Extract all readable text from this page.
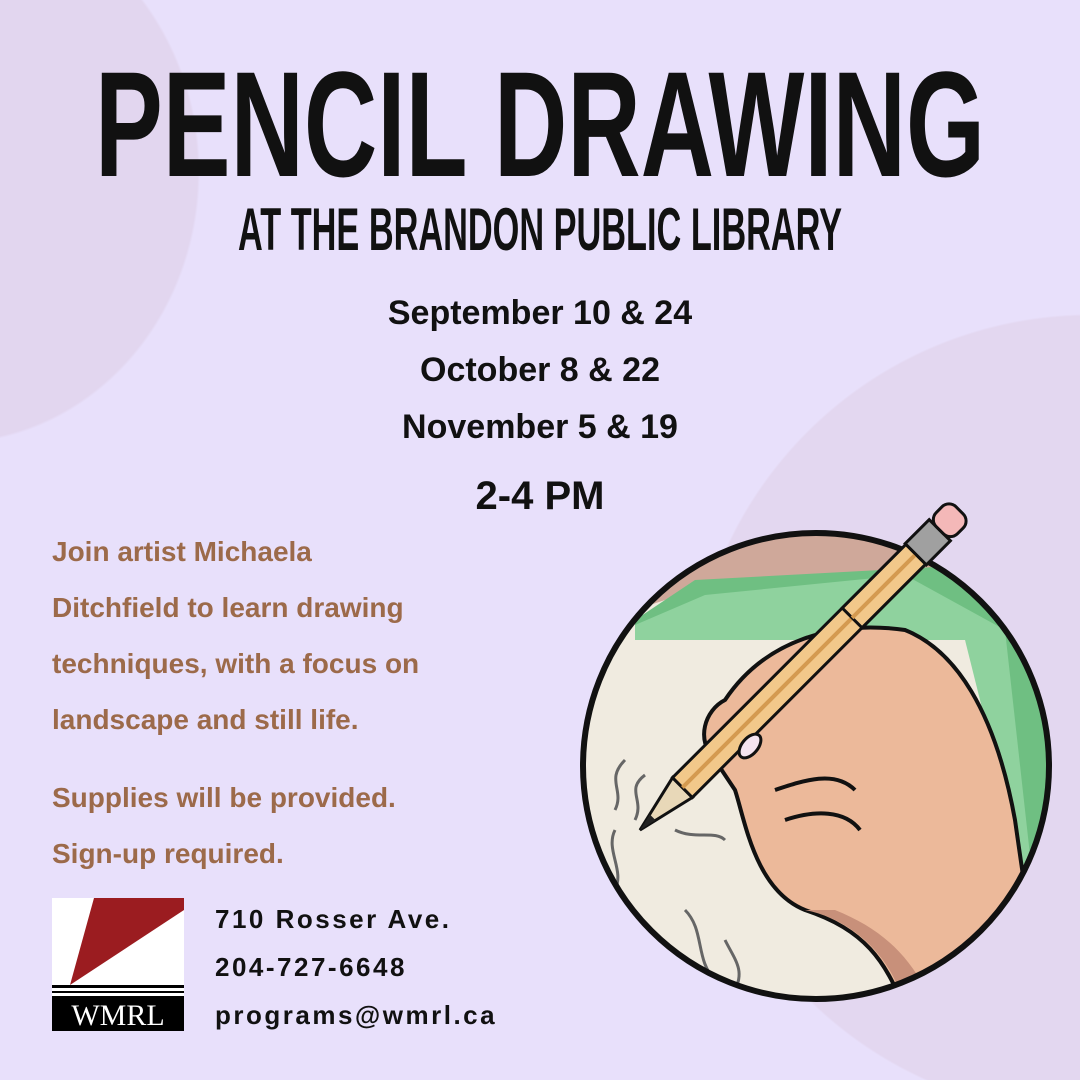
PENCIL DRAWING
AT THE BRANDON PUBLIC LIBRARY
September 10 & 24
October 8 & 22
November 5 & 19
2-4 PM
Join artist Michaela
Ditchfield to learn drawing
techniques, with a focus on
landscape and still life.
Supplies will be provided.
Sign-up required.
WMRL
710 Rosser Ave.
204-727-6648
programs@wmrl.ca
